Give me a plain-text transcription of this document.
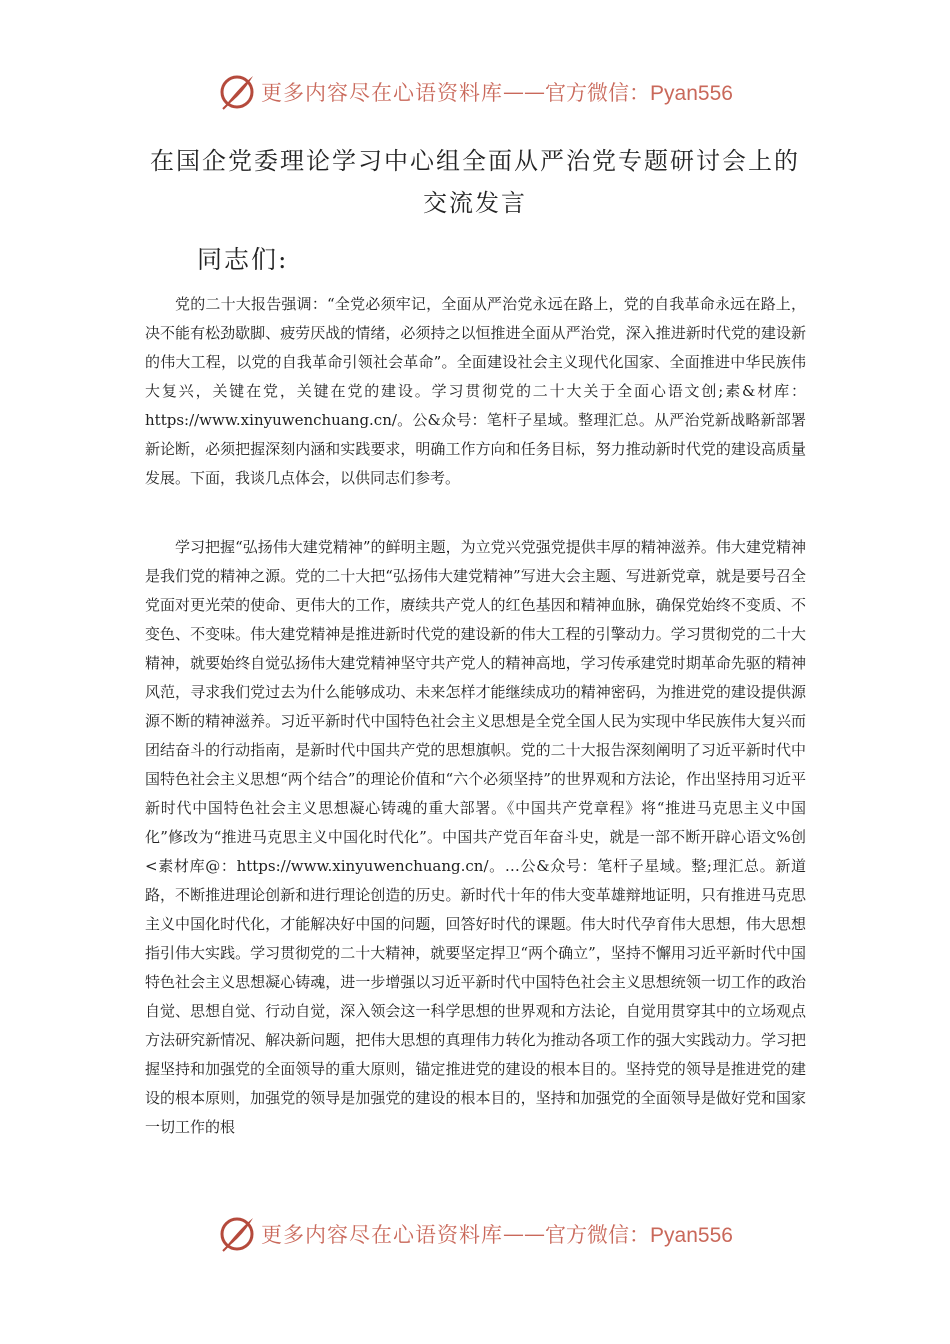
更多内容尽在心语资料库 —— 官方微信：Pyan556
在国企党委理论学习中心组全面从严治党专题研讨会上的
交流发言
同志们:

党的二十大报告强调：“全党必须牢记，全面从严治党永远在路上，党的自我革命永远在路上，决不能有松劲歇脚、疲劳厌战的情绪，必须持之以恒推进全面从严治党，深入推进新时代党的建设新的伟大工程，以党的自我革命引领社会革命”。全面建设社会主义现代化国家、全面推进中华民族伟大复兴，关键在党，关键在党的建设。学习贯彻党的二十大关于全面心语文创;素&材库：https://www.xinyuwenchuang.cn/。公&众号：笔杆子星域。整理汇总。从严治党新战略新部署新论断，必须把握深刻内涵和实践要求，明确工作方向和任务目标，努力推动新时代党的建设高质量发展。下面，我谈几点体会，以供同志们参考。

学习把握“弘扬伟大建党精神”的鲜明主题，为立党兴党强党提供丰厚的精神滋养。伟大建党精神是我们党的精神之源。党的二十大把“弘扬伟大建党精神”写进大会主题、写进新党章，就是要号召全党面对更光荣的使命、更伟大的工作，赓续共产党人的红色基因和精神血脉，确保党始终不变质、不变色、不变味。伟大建党精神是推进新时代党的建设新的伟大工程的引擎动力。学习贯彻党的二十大精神，就要始终自觉弘扬伟大建党精神坚守共产党人的精神高地，学习传承建党时期革命先驱的精神风范，寻求我们党过去为什么能够成功、未来怎样才能继续成功的精神密码，为推进党的建设提供源源不断的精神滋养。习近平新时代中国特色社会主义思想是全党全国人民为实现中华民族伟大复兴而团结奋斗的行动指南，是新时代中国共产党的思想旗帜。党的二十大报告深刻阐明了习近平新时代中国特色社会主义思想“两个结合”的理论价值和“六个必须坚持”的世界观和方法论，作出坚持用习近平新时代中国特色社会主义思想凝心铸魂的重大部署。《中国共产党章程》将“推进马克思主义中国化”修改为“推进马克思主义中国化时代化”。中国共产党百年奋斗史，就是一部不断开辟心语文%创<素材库@：https://www.xinyuwenchuang.cn/。…公&众号：笔杆子星域。整;理汇总。新道路，不断推进理论创新和进行理论创造的历史。新时代十年的伟大变革雄辩地证明，只有推进马克思主义中国化时代化，才能解决好中国的问题，回答好时代的课题。伟大时代孕育伟大思想，伟大思想指引伟大实践。学习贯彻党的二十大精神，就要坚定捍卫“两个确立”，坚持不懈用习近平新时代中国特色社会主义思想凝心铸魂，进一步增强以习近平新时代中国特色社会主义思想统领一切工作的政治自觉、思想自觉、行动自觉，深入领会这一科学思想的世界观和方法论，自觉用贯穿其中的立场观点方法研究新情况、解决新问题，把伟大思想的真理伟力转化为推动各项工作的强大实践动力。学习把握坚持和加强党的全面领导的重大原则，锚定推进党的建设的根本目的。坚持党的领导是推进党的建设的根本原则，加强党的领导是加强党的建设的根本目的，坚持和加强党的全面领导是做好党和国家一切工作的根

更多内容尽在心语资料库 —— 官方微信：Pyan556
